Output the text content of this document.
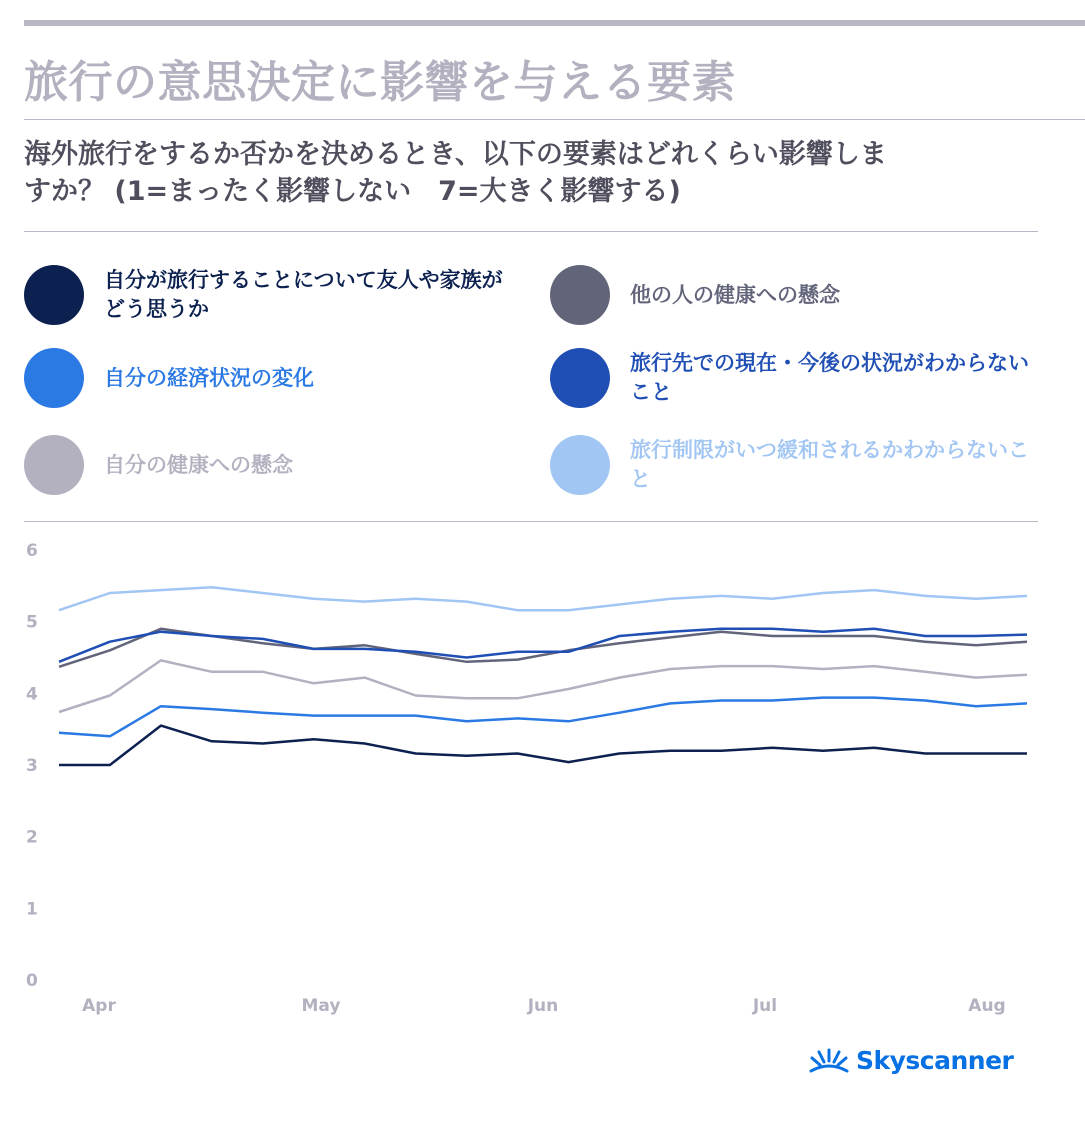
旅行の意思決定に影響を与える要素
海外旅行をするか否かを決めるとき、以下の要素はどれくらい影響しますか？ (1=まったく影響しない　7=大きく影響する)
自分が旅行することについて友人や家族がどう思うか
他の人の健康への懸念
自分の経済状況の変化
旅行先での現在・今後の状況がわからないこと
自分の健康への懸念
旅行制限がいつ緩和されるかわからないこと
0
1
2
3
4
5
6
Apr	May	Jun	Jul	Aug
Skyscanner
